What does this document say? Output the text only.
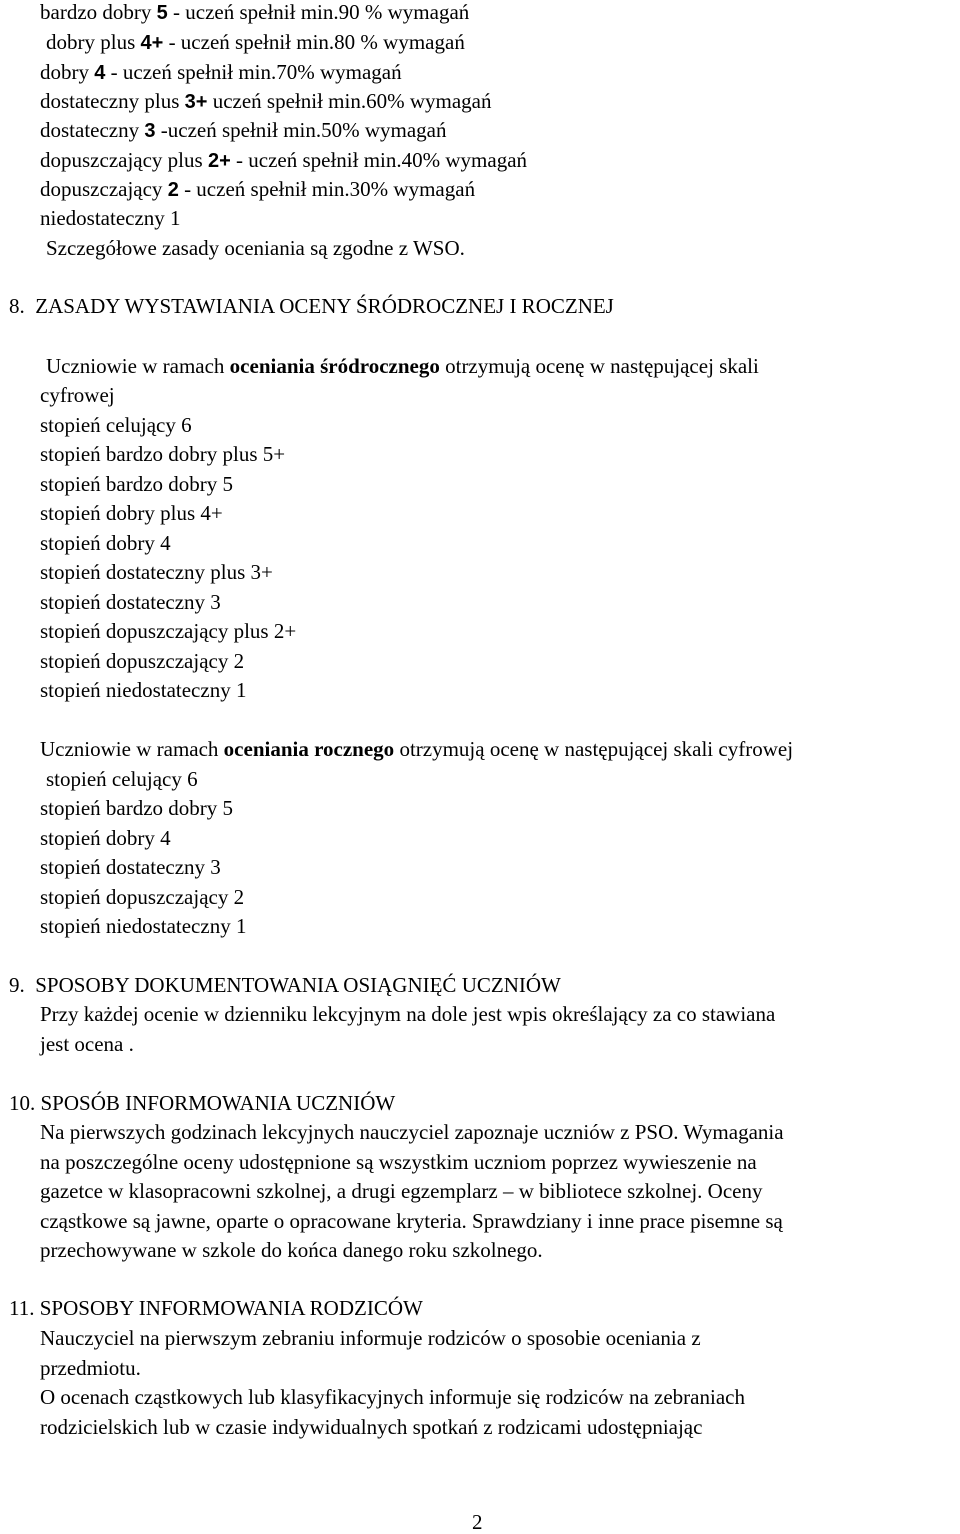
bardzo dobry 5 - uczeń spełnił min.90 % wymagań
dobry plus 4+ - uczeń spełnił min.80 % wymagań
dobry 4 - uczeń spełnił min.70% wymagań
dostateczny plus 3+ uczeń spełnił min.60% wymagań
dostateczny 3 -uczeń spełnił min.50% wymagań
dopuszczający plus 2+ - uczeń spełnił min.40% wymagań
dopuszczający 2 - uczeń spełnił min.30% wymagań
niedostateczny 1
Szczegółowe zasady oceniania są zgodne z WSO.
8. ZASADY WYSTAWIANIA OCENY ŚRÓDROCZNEJ I ROCZNEJ
Uczniowie w ramach oceniania śródrocznego otrzymują ocenę w następującej skali
cyfrowej
stopień celujący 6
stopień bardzo dobry plus 5+
stopień bardzo dobry 5
stopień dobry plus 4+
stopień dobry 4
stopień dostateczny plus 3+
stopień dostateczny 3
stopień dopuszczający plus 2+
stopień dopuszczający 2
stopień niedostateczny 1
Uczniowie w ramach oceniania rocznego otrzymują ocenę w następującej skali cyfrowej
stopień celujący 6
stopień bardzo dobry 5
stopień dobry 4
stopień dostateczny 3
stopień dopuszczający 2
stopień niedostateczny 1
9. SPOSOBY DOKUMENTOWANIA OSIĄGNIĘĆ UCZNIÓW
Przy każdej ocenie w dzienniku lekcyjnym na dole jest wpis określający za co stawiana
jest ocena .
10. SPOSÓB INFORMOWANIA UCZNIÓW
Na pierwszych godzinach lekcyjnych nauczyciel zapoznaje uczniów z PSO. Wymagania
na poszczególne oceny udostępnione są wszystkim uczniom poprzez wywieszenie na
gazetce w klasopracowni szkolnej, a drugi egzemplarz – w bibliotece szkolnej. Oceny
cząstkowe są jawne, oparte o opracowane kryteria. Sprawdziany i inne prace pisemne są
przechowywane w szkole do końca danego roku szkolnego.
11. SPOSOBY INFORMOWANIA RODZICÓW
Nauczyciel na pierwszym zebraniu informuje rodziców o sposobie oceniania z
przedmiotu.
O ocenach cząstkowych lub klasyfikacyjnych informuje się rodziców na zebraniach
rodzicielskich lub w czasie indywidualnych spotkań z rodzicami udostępniając
2
